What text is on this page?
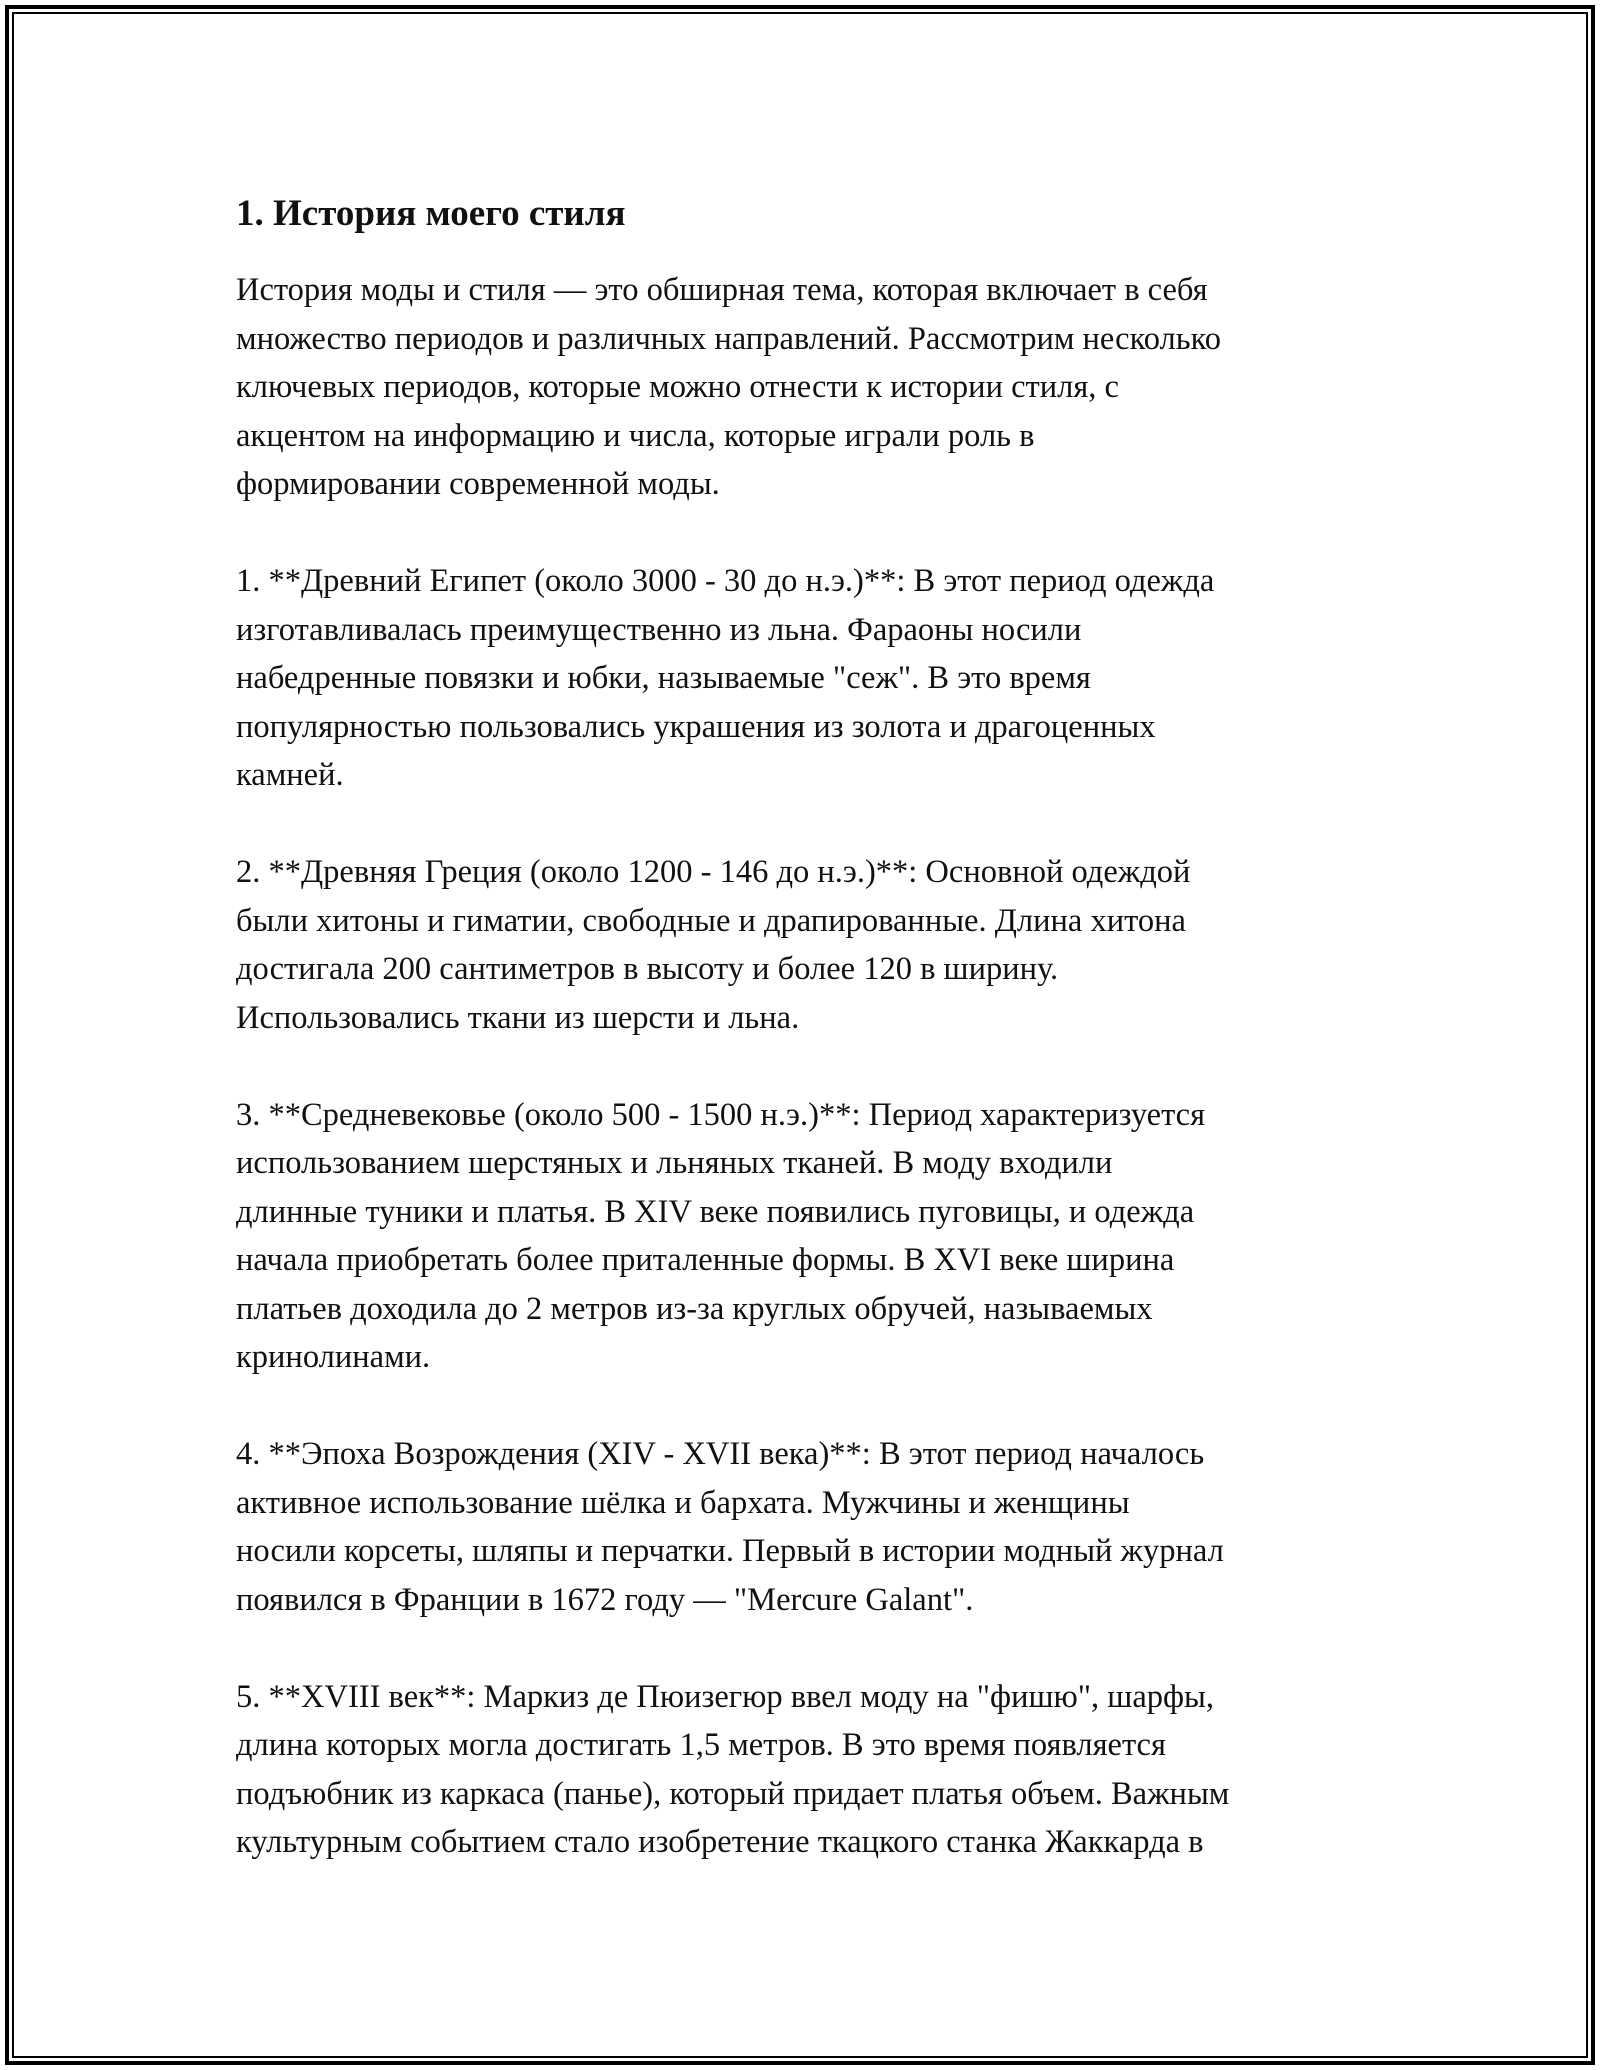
1. История моего стиля

История моды и стиля — это обширная тема, которая включает в себя
множество периодов и различных направлений. Рассмотрим несколько
ключевых периодов, которые можно отнести к истории стиля, с
акцентом на информацию и числа, которые играли роль в
формировании современной моды.

1. **Древний Египет (около 3000 - 30 до н.э.)**: В этот период одежда
изготавливалась преимущественно из льна. Фараоны носили
набедренные повязки и юбки, называемые "сеж". В это время
популярностью пользовались украшения из золота и драгоценных
камней.

2. **Древняя Греция (около 1200 - 146 до н.э.)**: Основной одеждой
были хитоны и гиматии, свободные и драпированные. Длина хитона
достигала 200 сантиметров в высоту и более 120 в ширину.
Использовались ткани из шерсти и льна.

3. **Средневековье (около 500 - 1500 н.э.)**: Период характеризуется
использованием шерстяных и льняных тканей. В моду входили
длинные туники и платья. В XIV веке появились пуговицы, и одежда
начала приобретать более приталенные формы. В XVI веке ширина
платьев доходила до 2 метров из-за круглых обручей, называемых
кринолинами.

4. **Эпоха Возрождения (XIV - XVII века)**: В этот период началось
активное использование шёлка и бархата. Мужчины и женщины
носили корсеты, шляпы и перчатки. Первый в истории модный журнал
появился в Франции в 1672 году — "Mercure Galant".

5. **XVIII век**: Маркиз де Пюизегюр ввел моду на "фишю", шарфы,
длина которых могла достигать 1,5 метров. В это время появляется
подъюбник из каркаса (панье), который придает платья объем. Важным
культурным событием стало изобретение ткацкого станка Жаккарда в
